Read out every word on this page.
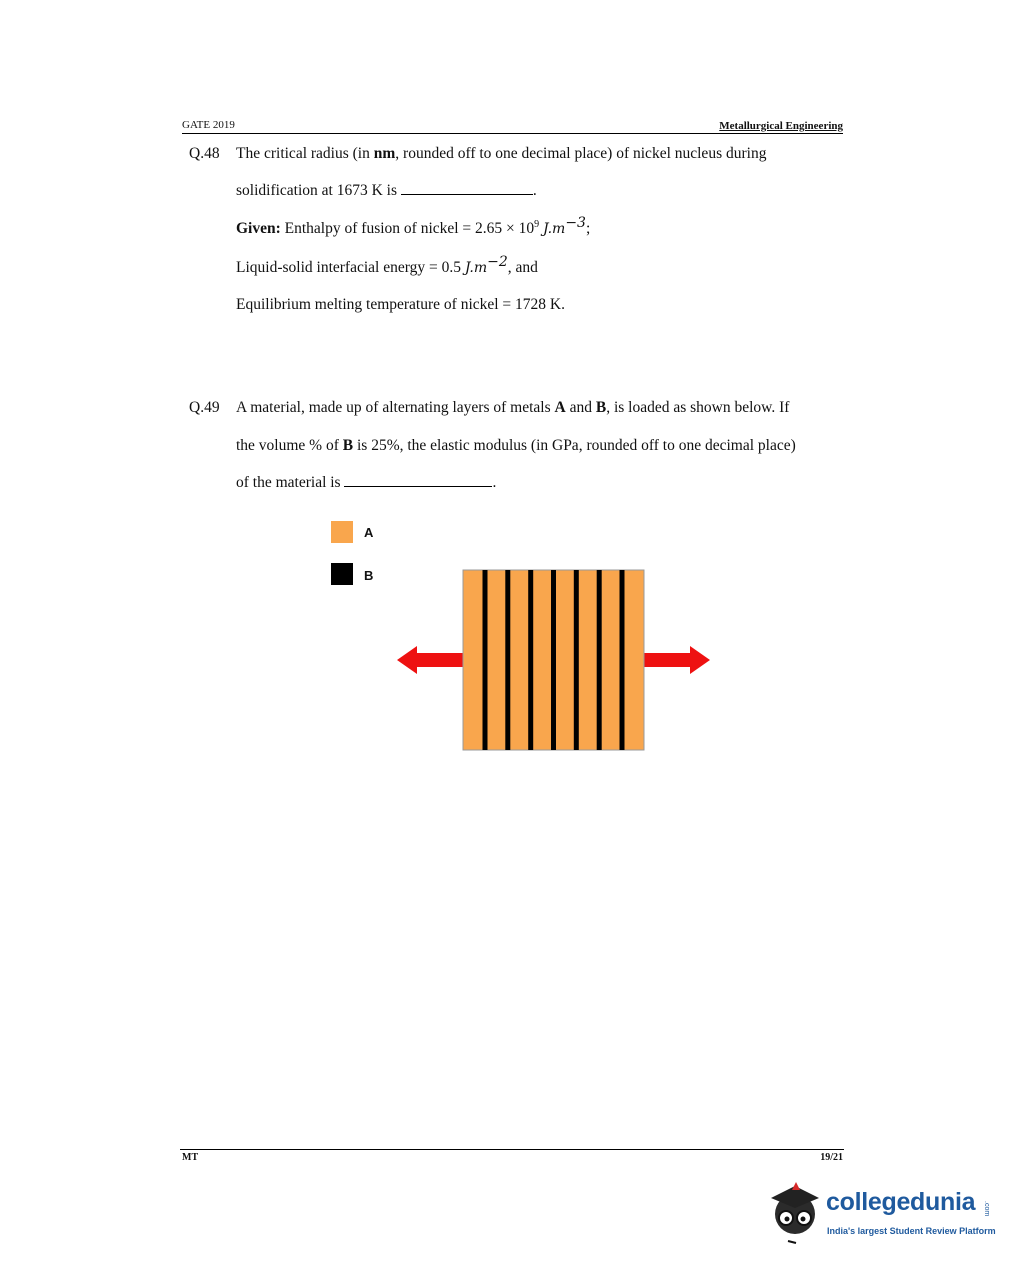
GATE 2019	Metallurgical Engineering
Q.48 The critical radius (in nm, rounded off to one decimal place) of nickel nucleus during
solidification at 1673 K is	.
Given: Enthalpy of fusion of nickel = $2.65 \times 10^9$ $J.m^{-3}$;
Liquid-solid interfacial energy = 0.5 $J.m^{-2}$, and
Equilibrium melting temperature of nickel = 1728 K.
Q.49 A material, made up of alternating layers of metals A and B, is loaded as shown below. If
the volume % of B is 25%, the elastic modulus (in GPa, rounded off to one decimal place)
of the material is	.
A
B
MT	19/21
collegedunia .com
India's largest Student Review Platform
